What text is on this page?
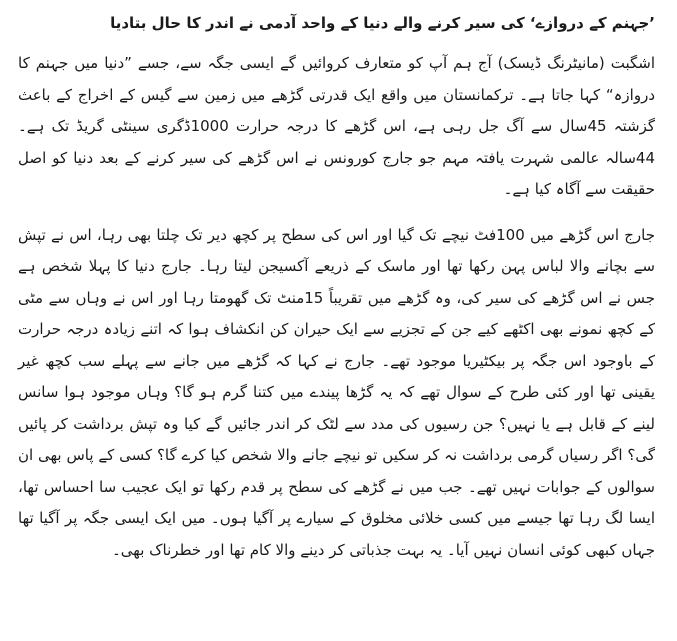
’جہنم کے دروازے‘ کی سیر کرنے والے دنیا کے واحد آدمی نے اندر کا حال بتادیا

اشگبت (مانیٹرنگ ڈیسک) آج ہم آپ کو متعارف کروائیں گے ایسی جگہ سے، جسے ”دنیا میں جہنم کا دروازہ“ کہا جاتا ہے۔ ترکمانستان میں واقع ایک قدرتی گڑھے میں زمین سے گیس کے اخراج کے باعث گزشتہ 45سال سے آگ جل رہی ہے، اس گڑھے کا درجہ حرارت 1000ڈگری سینٹی گریڈ تک ہے۔ 44سالہ عالمی شہرت یافتہ مہم جو جارج کورونس نے اس گڑھے کی سیر کرنے کے بعد دنیا کو اصل حقیقت سے آگاہ کیا ہے۔

جارج اس گڑھے میں 100فٹ نیچے تک گیا اور اس کی سطح پر کچھ دیر تک چلتا بھی رہا، اس نے تپش سے بچانے والا لباس پہن رکھا تھا اور ماسک کے ذریعے آکسیجن لیتا رہا۔ جارج دنیا کا پہلا شخص ہے جس نے اس گڑھے کی سیر کی، وہ گڑھے میں تقریباً 15منٹ تک گھومتا رہا اور اس نے وہاں سے مٹی کے کچھ نمونے بھی اکٹھے کیے جن کے تجزیے سے ایک حیران کن انکشاف ہوا کہ اتنے زیادہ درجہ حرارت کے باوجود اس جگہ پر بیکٹیریا موجود تھے۔ جارج نے کہا کہ گڑھے میں جانے سے پہلے سب کچھ غیر یقینی تھا اور کئی طرح کے سوال تھے کہ یہ گڑھا پیندے میں کتنا گرم ہو گا؟ وہاں موجود ہوا سانس لینے کے قابل ہے یا نہیں؟ جن رسیوں کی مدد سے لٹک کر اندر جائیں گے کیا وہ تپش برداشت کر پائیں گی؟ اگر رسیاں گرمی برداشت نہ کر سکیں تو نیچے جانے والا شخص کیا کرے گا؟ کسی کے پاس بھی ان سوالوں کے جوابات نہیں تھے۔ جب میں نے گڑھے کی سطح پر قدم رکھا تو ایک عجیب سا احساس تھا، ایسا لگ رہا تھا جیسے میں کسی خلائی مخلوق کے سیارے پر آگیا ہوں۔ میں ایک ایسی جگہ پر آگیا تھا جہاں کبھی کوئی انسان نہیں آیا۔ یہ بہت جذباتی کر دینے والا کام تھا اور خطرناک بھی۔
